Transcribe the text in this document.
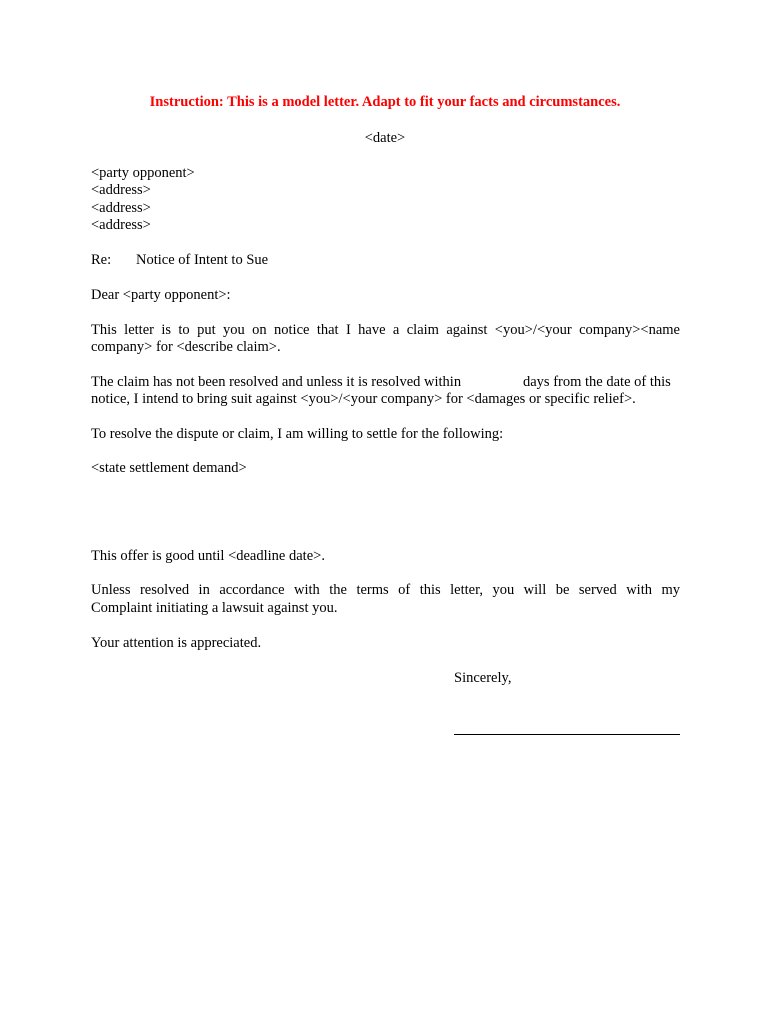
Instruction: This is a model letter. Adapt to fit your facts and circumstances.
<date>
<party opponent>
<address>
<address>
<address>
Re: Notice of Intent to Sue
Dear <party opponent>:
This letter is to put you on notice that I have a claim against <you>/<your company><name
company> for <describe claim>.
The claim has not been resolved and unless it is resolved within	days from the date of this
notice, I intend to bring suit against <you>/<your company> for <damages or specific relief>.
To resolve the dispute or claim, I am willing to settle for the following:
<state settlement demand>
This offer is good until <deadline date>.
Unless resolved in accordance with the terms of this letter, you will be served with my
Complaint initiating a lawsuit against you.
Your attention is appreciated.
Sincerely,
